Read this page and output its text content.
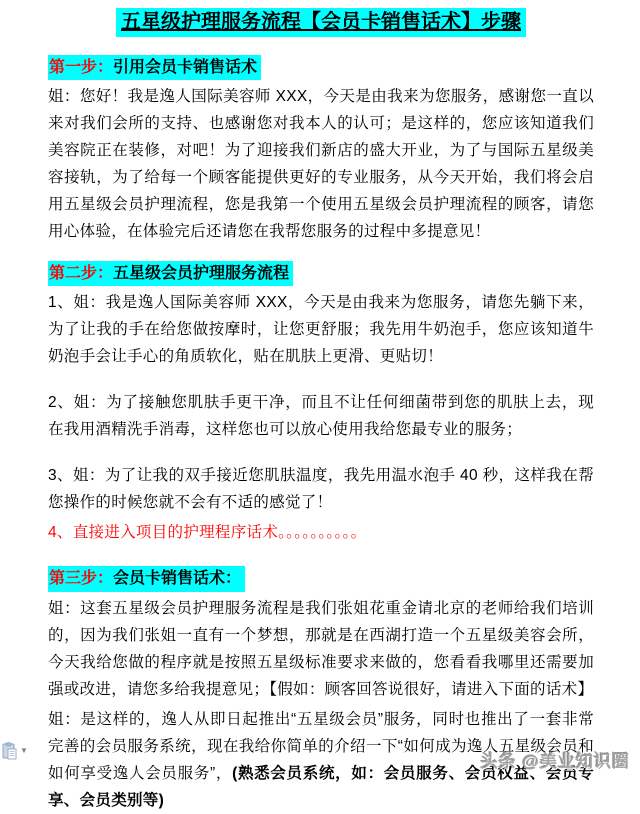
五星级护理服务流程【会员卡销售话术】步骤
第一步：引用会员卡销售话术

姐：您好！我是逸人国际美容师 XXX，今天是由我来为您服务，感谢您一直以来对我们会所的支持、也感谢您对我本人的认可；是这样的，您应该知道我们美容院正在装修，对吧！为了迎接我们新店的盛大开业，为了与国际五星级美容接轨，为了给每一个顾客能提供更好的专业服务，从今天开始，我们将会启用五星级会员护理流程，您是我第一个使用五星级会员护理流程的顾客，请您用心体验，在体验完后还请您在我帮您服务的过程中多提意见！

第二步：五星级会员护理服务流程

1、姐：我是逸人国际美容师 XXX，今天是由我来为您服务，请您先躺下来，为了让我的手在给您做按摩时，让您更舒服；我先用牛奶泡手，您应该知道牛奶泡手会让手心的角质软化，贴在肌肤上更滑、更贴切！

2、姐：为了接触您肌肤手更干净，而且不让任何细菌带到您的肌肤上去，现在我用酒精洗手消毒，这样您也可以放心使用我给您最专业的服务；

3、姐：为了让我的双手接近您肌肤温度，我先用温水泡手 40 秒，这样我在帮您操作的时候您就不会有不适的感觉了！

4、直接进入项目的护理程序话术。。。。。。。。。。

第三步：会员卡销售话术：

姐：这套五星级会员护理服务流程是我们张姐花重金请北京的老师给我们培训的，因为我们张姐一直有一个梦想，那就是在西湖打造一个五星级美容会所，今天我给您做的程序就是按照五星级标准要求来做的，您看看我哪里还需要加强或改进，请您多给我提意见；【假如：顾客回答说很好，请进入下面的话术】

姐：是这样的，逸人从即日起推出“五星级会员”服务，同时也推出了一套非常完善的会员服务系统，现在我给你简单的介绍一下“如何成为逸人五星级会员和如何享受逸人会员服务”，(熟悉会员系统，如：会员服务、会员权益、会员专享、会员类别等)

▼
头条 @美业知识圈
